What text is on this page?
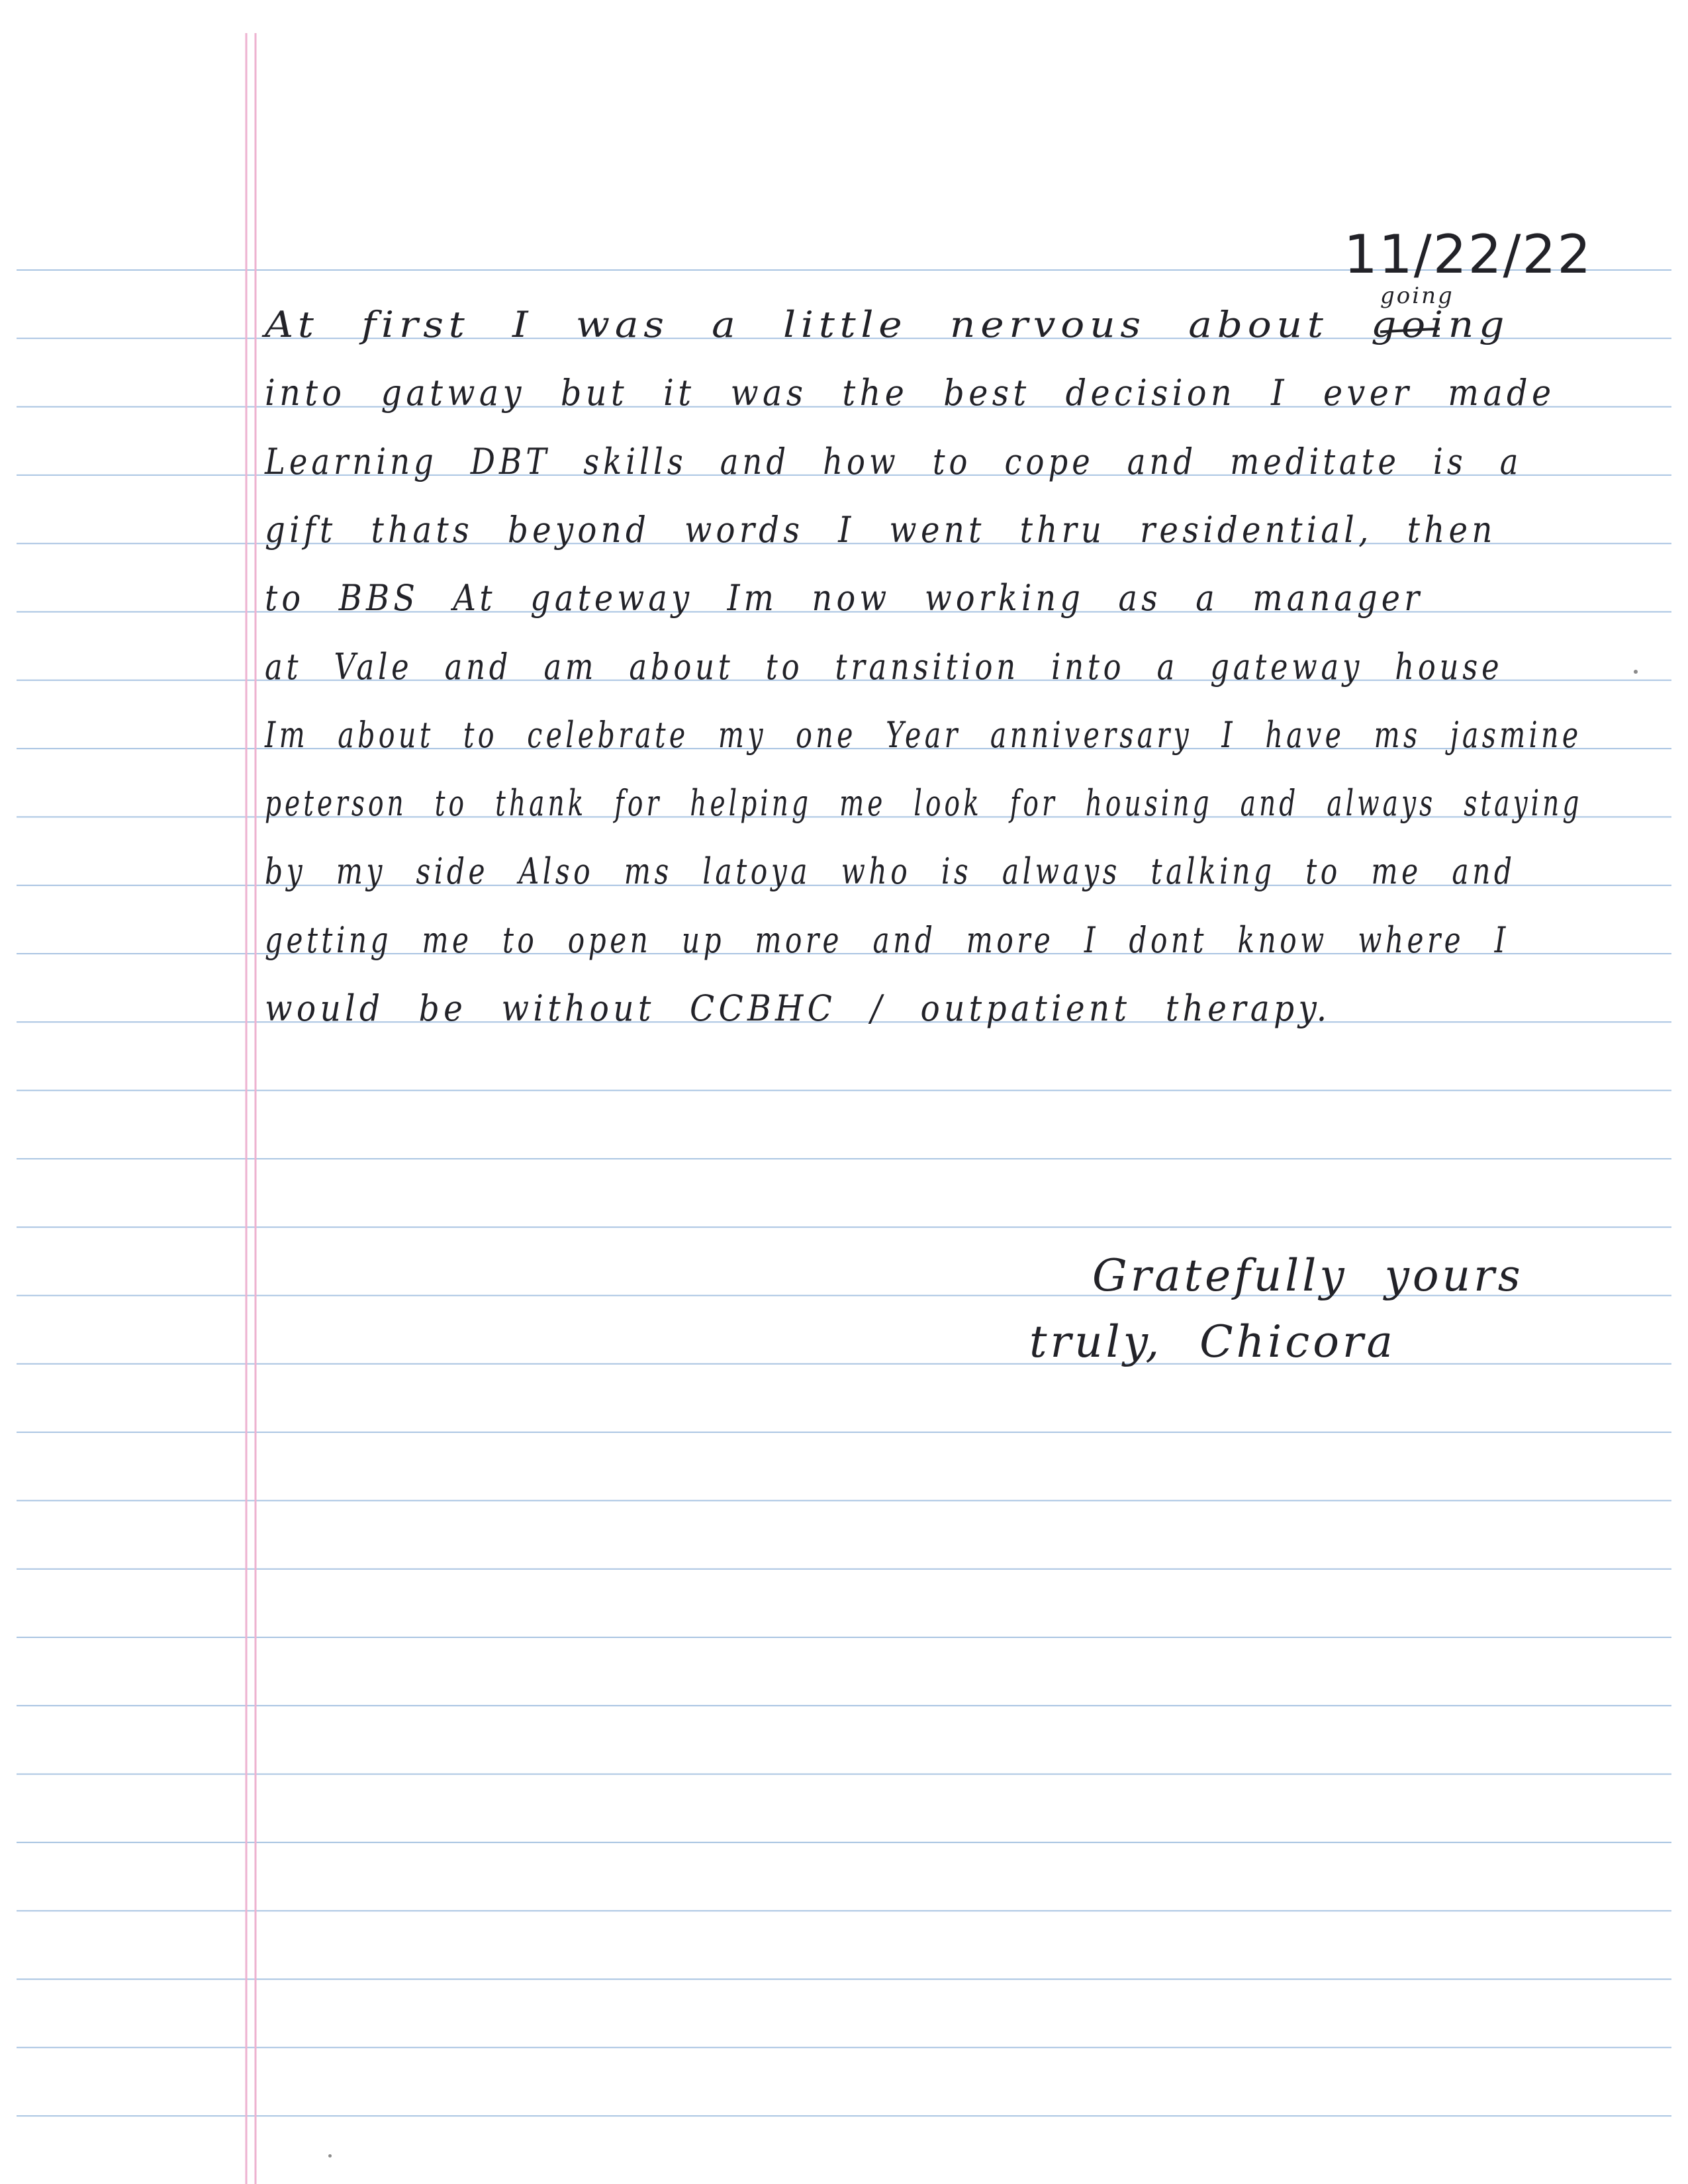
11/22/22
going
At first I was a little nervous about going
into gatway but it was the best decision I ever made
Learning DBT skills and how to cope and meditate is a
gift thats beyond words I went thru residential, then
to BBS At gateway Im now working as a manager
at Vale and am about to transition into a gateway house
Im about to celebrate my one Year anniversary I have ms jasmine
peterson to thank for helping me look for housing and always staying
by my side Also ms latoya who is always talking to me and
getting me to open up more and more I dont know where I
would be without CCBHC / outpatient therapy.
Gratefully yours
truly, Chicora
